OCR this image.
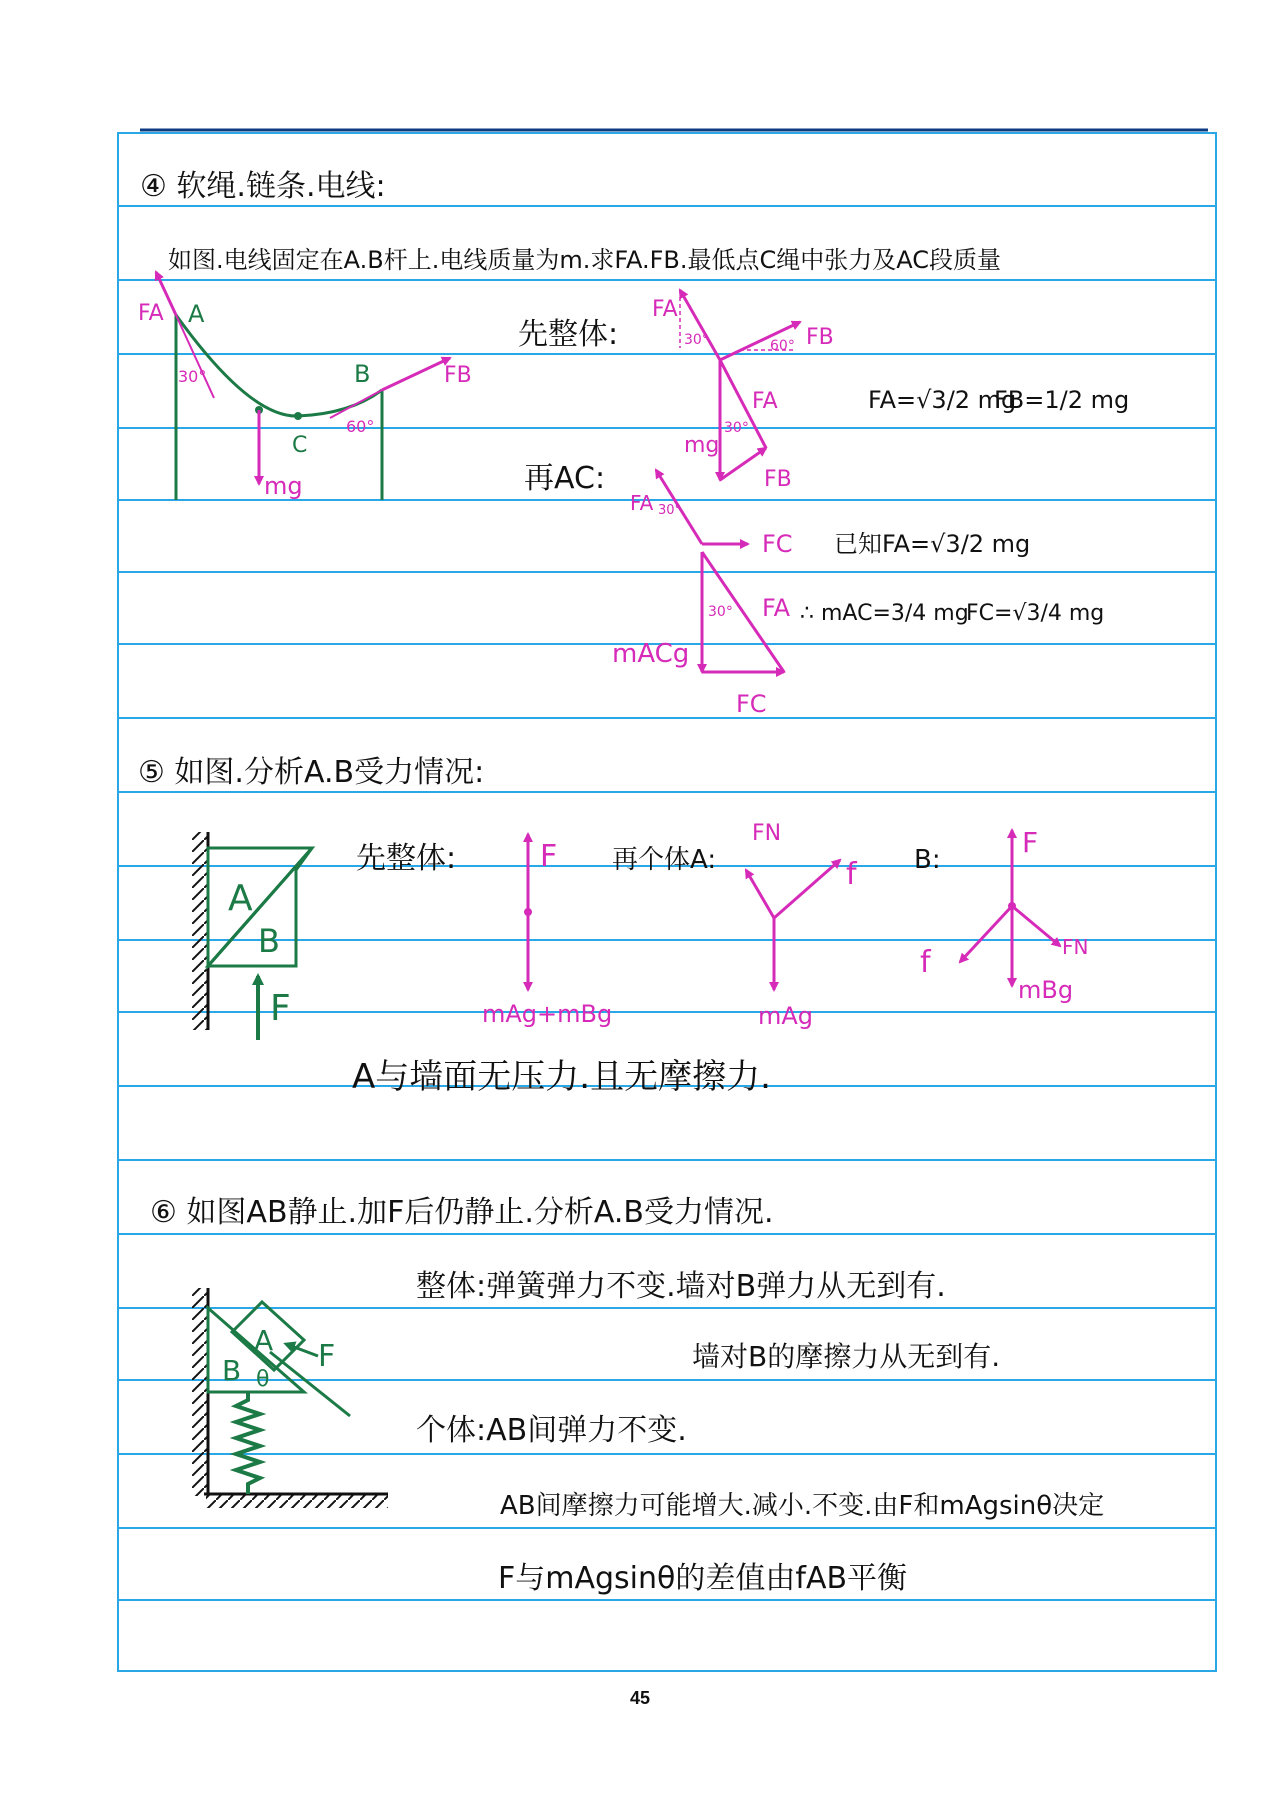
④ 软绳.链条.电线:
如图.电线固定在A.B杆上.电线质量为m.求FA.FB.最低点C绳中张力及AC段质量
FA A
30°	B	FB
60°
C
mg
先整体:
FA
30°	60° FB
FA
mg
30°
FB
FA=√3/2 mg
FB=1/2 mg
再AC:
FA 30°
FC
30° FA
mACg
FC
已知FA=√3/2 mg
∴ mAC=3/4 mg
FC=√3/4 mg
⑤ 如图.分析A.B受力情况:
A
B
F
先整体:	F
mAg+mBg
再个体A:
FN
f
mAg
B:
F
FN
f
mBg
A与墙面无压力.且无摩擦力.
⑥ 如图AB静止.加F后仍静止.分析A.B受力情况.
A
B θ
F
整体:弹簧弹力不变.墙对B弹力从无到有.
墙对B的摩擦力从无到有.
个体:AB间弹力不变.
AB间摩擦力可能增大.减小.不变.由F和mAgsinθ决定
F与mAgsinθ的差值由fAB平衡
45
